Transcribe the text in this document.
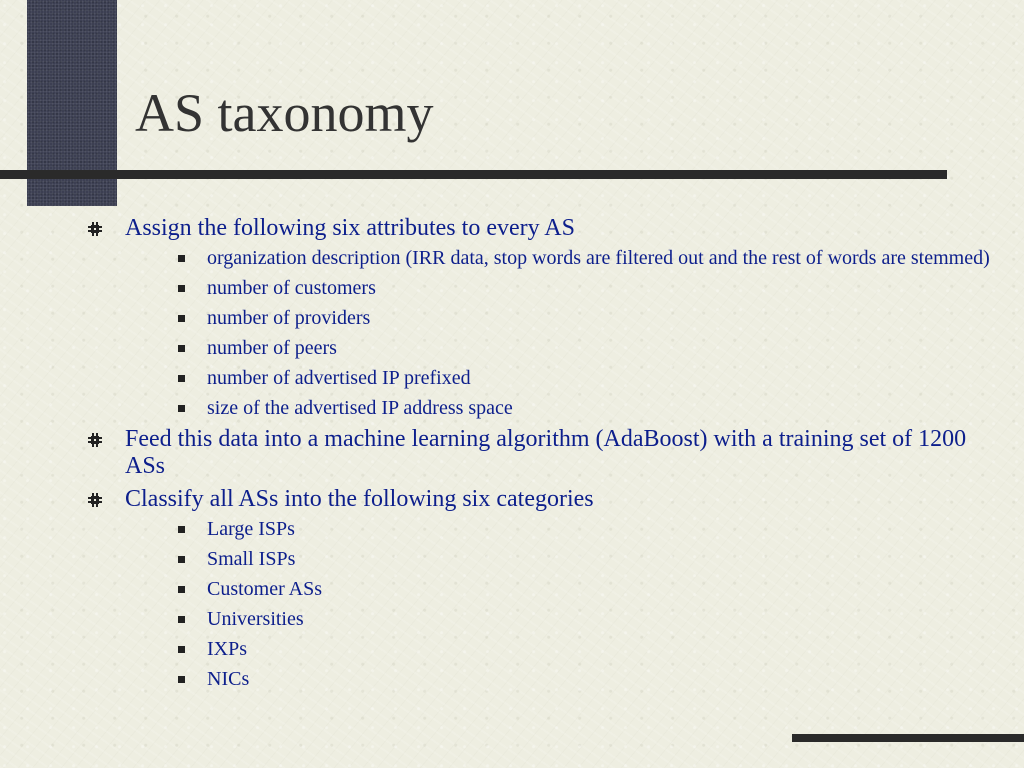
AS taxonomy
Assign the following six attributes to every AS
organization description (IRR data, stop words are filtered out and the rest of words are stemmed)
number of customers
number of providers
number of peers
number of advertised IP prefixed
size of the advertised IP address space
Feed this data into a machine learning algorithm (AdaBoost) with a training set of 1200 ASs
Classify all ASs into the following six categories
Large ISPs
Small ISPs
Customer ASs
Universities
IXPs
NICs
